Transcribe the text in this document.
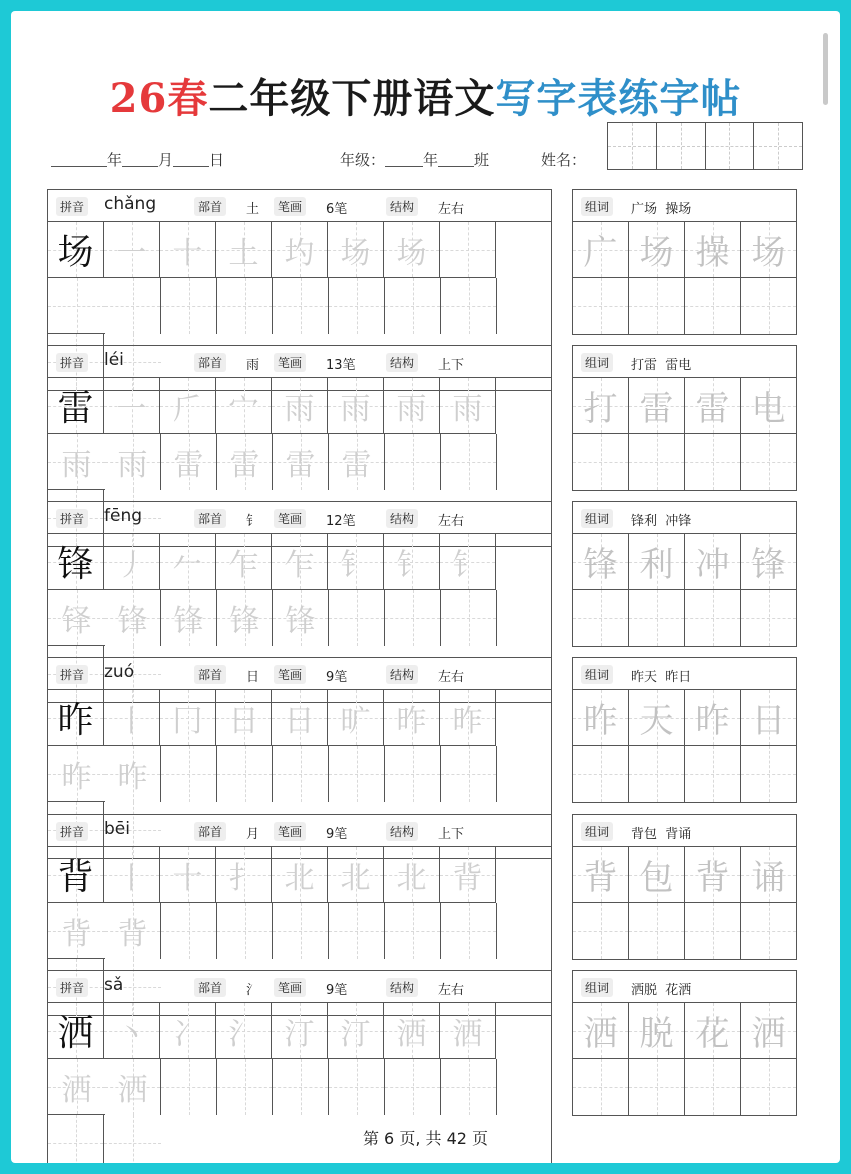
26春二年级下册语文写字表练字帖
年 月 日	年级：	年 班	姓名：
拼音 chǎng	部首	土	笔画	6笔	结构	左右
场 一 十 土 圴 场 场
组词	广场  操场
广 场 操 场
拼音 léi	部首	雨	笔画	13笔	结构	上下
雷 一 𠂆 宀 雨 雨 雨 雨
雨 雨 雷 雷 雷 雷
组词	打雷  雷电
打 雷 雷 电
拼音 fēng	部首	钅	笔画	12笔	结构	左右
锋 丿 𠂉 乍 乍 钅 钅 钅
铎 锋 锋 锋 锋
组词	锋利  冲锋
锋 利 冲 锋
拼音 zuó	部首	日	笔画	9笔	结构	左右
昨 丨 冂 日 日 旷 昨 昨
昨 昨
组词	昨天  昨日
昨 天 昨 日
拼音 bēi	部首	月	笔画	9笔	结构	上下
背 丨 十 扌 北 北 北 背
背 背
组词	背包  背诵
背 包 背 诵
拼音 sǎ	部首	氵	笔画	9笔	结构	左右
洒 丶 冫 氵 汀 汀 洒 洒
洒 洒
组词	洒脱  花洒
洒 脱 花 洒
第 6 页, 共 42 页
